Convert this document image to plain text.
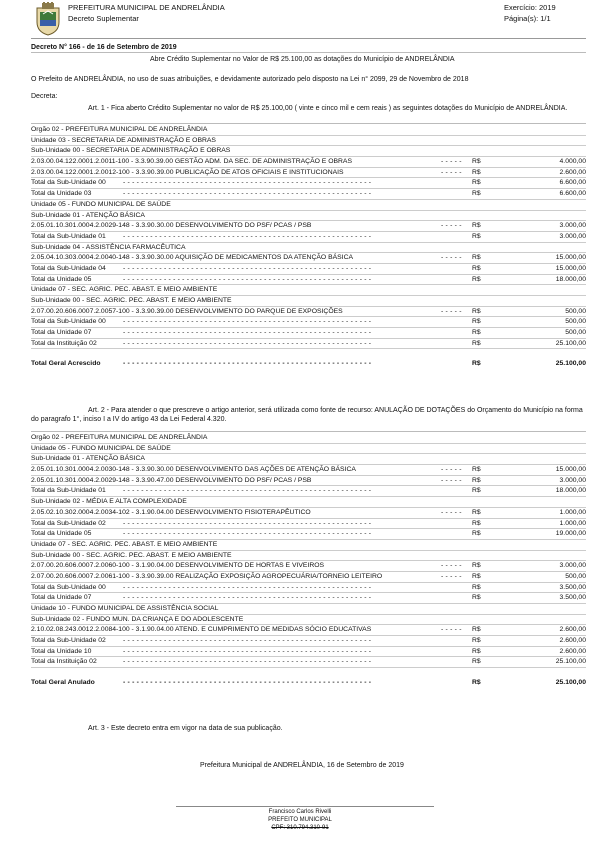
PREFEITURA MUNICIPAL DE ANDRELÂNDIA
Decreto Suplementar
Exercício: 2019
Página(s): 1/1
Decreto N° 166 - de 16 de Setembro de 2019
Abre Crédito Suplementar no Valor de R$ 25.100,00 as dotações do Município de ANDRELÂNDIA
O Prefeito de ANDRELÂNDIA, no uso de suas atribuições, e devidamente autorizado pelo disposto na Lei n° 2099, 29 de Novembro de 2018
Decreta:
Art. 1 - Fica aberto Crédito Suplementar no valor de R$ 25.100,00 ( vinte e cinco mil e cem reais ) as seguintes dotações do Município de ANDRELÂNDIA.
Orgão 02 - PREFEITURA MUNICIPAL DE ANDRELÂNDIA
Unidade 03 - SECRETARIA DE ADMINISTRAÇÃO E OBRAS
Sub-Unidade 00 - SECRETARIA DE ADMINISTRAÇÃO E OBRAS
2.03.00.04.122.0001.2.0011-100 - 3.3.90.39.00 GESTÃO ADM. DA SEC. DE ADMINISTRAÇÃO E OBRAS	- - - - - R$	4.000,00
2.03.00.04.122.0001.2.0012-100 - 3.3.90.39.00 PUBLICAÇÃO DE ATOS OFICIAIS E INSTITUCIONAIS	- - - - - R$	2.600,00
Total da Sub-Unidade 00	- - - - - - - - - - - - - - - - - - - - - - - - - - - - - - - - - - - - - - - - - - - - - - - - - - - - - - -	R$	6.600,00
Total da Unidade 03	- - - - - - - - - - - - - - - - - - - - - - - - - - - - - - - - - - - - - - - - - - - - - - - - - - - - - - -	R$	6.600,00
Unidade 05 - FUNDO MUNICIPAL DE SAÚDE
Sub-Unidade 01 - ATENÇÃO BÁSICA
2.05.01.10.301.0004.2.0029-148 - 3.3.90.30.00 DESENVOLVIMENTO DO PSF/ PCAS / PSB	- - - - - R$	3.000,00
Total da Sub-Unidade 01	- - - - - - - - - - - - - - - - - - - - - - - - - - - - - - - - - - - - - - - - - - - - - - - - - - - - - - -	R$	3.000,00
Sub-Unidade 04 - ASSISTÊNCIA FARMACÊUTICA
2.05.04.10.303.0004.2.0040-148 - 3.3.90.30.00 AQUISIÇÃO DE MEDICAMENTOS DA ATENÇÃO BÁSICA	- - - - - R$	15.000,00
Total da Sub-Unidade 04	- - - - - - - - - - - - - - - - - - - - - - - - - - - - - - - - - - - - - - - - - - - - - - - - - - - - - - -	R$	15.000,00
Total da Unidade 05	- - - - - - - - - - - - - - - - - - - - - - - - - - - - - - - - - - - - - - - - - - - - - - - - - - - - - - -	R$	18.000,00
Unidade 07 - SEC. AGRIC. PEC. ABAST. E MEIO AMBIENTE
Sub-Unidade 00 - SEC. AGRIC. PEC. ABAST. E MEIO AMBIENTE
2.07.00.20.606.0007.2.0057-100 - 3.3.90.39.00 DESENVOLVIMENTO DO PARQUE DE EXPOSIÇÕES	- - - - - R$	500,00
Total da Sub-Unidade 00	- - - - - - - - - - - - - - - - - - - - - - - - - - - - - - - - - - - - - - - - - - - - - - - - - - - - - - -	R$	500,00
Total da Unidade 07	- - - - - - - - - - - - - - - - - - - - - - - - - - - - - - - - - - - - - - - - - - - - - - - - - - - - - - -	R$	500,00
Total da Instituição 02	- - - - - - - - - - - - - - - - - - - - - - - - - - - - - - - - - - - - - - - - - - - - - - - - - - - - - - -	R$	25.100,00
Total Geral Acrescido	- - - - - - - - - - - - - - - - - - - - - - - - - - - - - - - - - - - - - - - - - - - - - - - - - - - - - - -	R$	25.100,00
Art. 2 - Para atender o que prescreve o artigo anterior, será utilizada como fonte de recurso: ANULAÇÃO DE DOTAÇÕES do Orçamento do Município na forma do paragrafo 1°, inciso I a IV do artigo 43 da Lei Federal 4.320.
Orgão 02 - PREFEITURA MUNICIPAL DE ANDRELÂNDIA
Unidade 05 - FUNDO MUNICIPAL DE SAÚDE
Sub-Unidade 01 - ATENÇÃO BÁSICA
2.05.01.10.301.0004.2.0030-148 - 3.3.90.30.00 DESENVOLVIMENTO DAS AÇÕES DE ATENÇÃO BÁSICA	- - - - - R$	15.000,00
2.05.01.10.301.0004.2.0029-148 - 3.3.90.47.00 DESENVOLVIMENTO DO PSF/ PCAS / PSB	- - - - - R$	3.000,00
Total da Sub-Unidade 01	- - - - - - - - - - - - - - - - - - - - - - - - - - - - - - - - - - - - - - - - - - - - - - - - - - - - - - -	R$	18.000,00
Sub-Unidade 02 - MÉDIA E ALTA COMPLEXIDADE
2.05.02.10.302.0004.2.0034-102 - 3.1.90.04.00 DESENVOLVIMENTO FISIOTERAPÊUTICO	- - - - - R$	1.000,00
Total da Sub-Unidade 02	- - - - - - - - - - - - - - - - - - - - - - - - - - - - - - - - - - - - - - - - - - - - - - - - - - - - - - -	R$	1.000,00
Total da Unidade 05	- - - - - - - - - - - - - - - - - - - - - - - - - - - - - - - - - - - - - - - - - - - - - - - - - - - - - - -	R$	19.000,00
Unidade 07 - SEC. AGRIC. PEC. ABAST. E MEIO AMBIENTE
Sub-Unidade 00 - SEC. AGRIC. PEC. ABAST. E MEIO AMBIENTE
2.07.00.20.606.0007.2.0060-100 - 3.1.90.04.00 DESENVOLVIMENTO DE HORTAS E VIVEIROS	- - - - - R$	3.000,00
2.07.00.20.606.0007.2.0061-100 - 3.3.90.39.00 REALIZAÇÃO EXPOSIÇÃO AGROPECUÁRIA/TORNEIO LEITEIRO	- - - - - R$	500,00
Total da Sub-Unidade 00	- - - - - - - - - - - - - - - - - - - - - - - - - - - - - - - - - - - - - - - - - - - - - - - - - - - - - - -	R$	3.500,00
Total da Unidade 07	- - - - - - - - - - - - - - - - - - - - - - - - - - - - - - - - - - - - - - - - - - - - - - - - - - - - - - -	R$	3.500,00
Unidade 10 - FUNDO MUNICIPAL DE ASSISTÊNCIA SOCIAL
Sub-Unidade 02 - FUNDO MUN. DA CRIANÇA E DO ADOLESCENTE
2.10.02.08.243.0012.2.0084-100 - 3.1.90.04.00 ATEND. E CUMPRIMENTO DE MEDIDAS SÓCIO EDUCATIVAS	- - - - - R$	2.600,00
Total da Sub-Unidade 02	- - - - - - - - - - - - - - - - - - - - - - - - - - - - - - - - - - - - - - - - - - - - - - - - - - - - - - -	R$	2.600,00
Total da Unidade 10	- - - - - - - - - - - - - - - - - - - - - - - - - - - - - - - - - - - - - - - - - - - - - - - - - - - - - - -	R$	2.600,00
Total da Instituição 02	- - - - - - - - - - - - - - - - - - - - - - - - - - - - - - - - - - - - - - - - - - - - - - - - - - - - - - -	R$	25.100,00
Total Geral Anulado	- - - - - - - - - - - - - - - - - - - - - - - - - - - - - - - - - - - - - - - - - - - - - - - - - - - - - - -	R$	25.100,00
Art. 3 - Este decreto entra em vigor na data de sua publicação.
Prefeitura Municipal de ANDRELÂNDIA, 16 de Setembro de 2019
Francisco Carlos Rivelli
PREFEITO MUNICIPAL
CPF: 310.794.310-91
